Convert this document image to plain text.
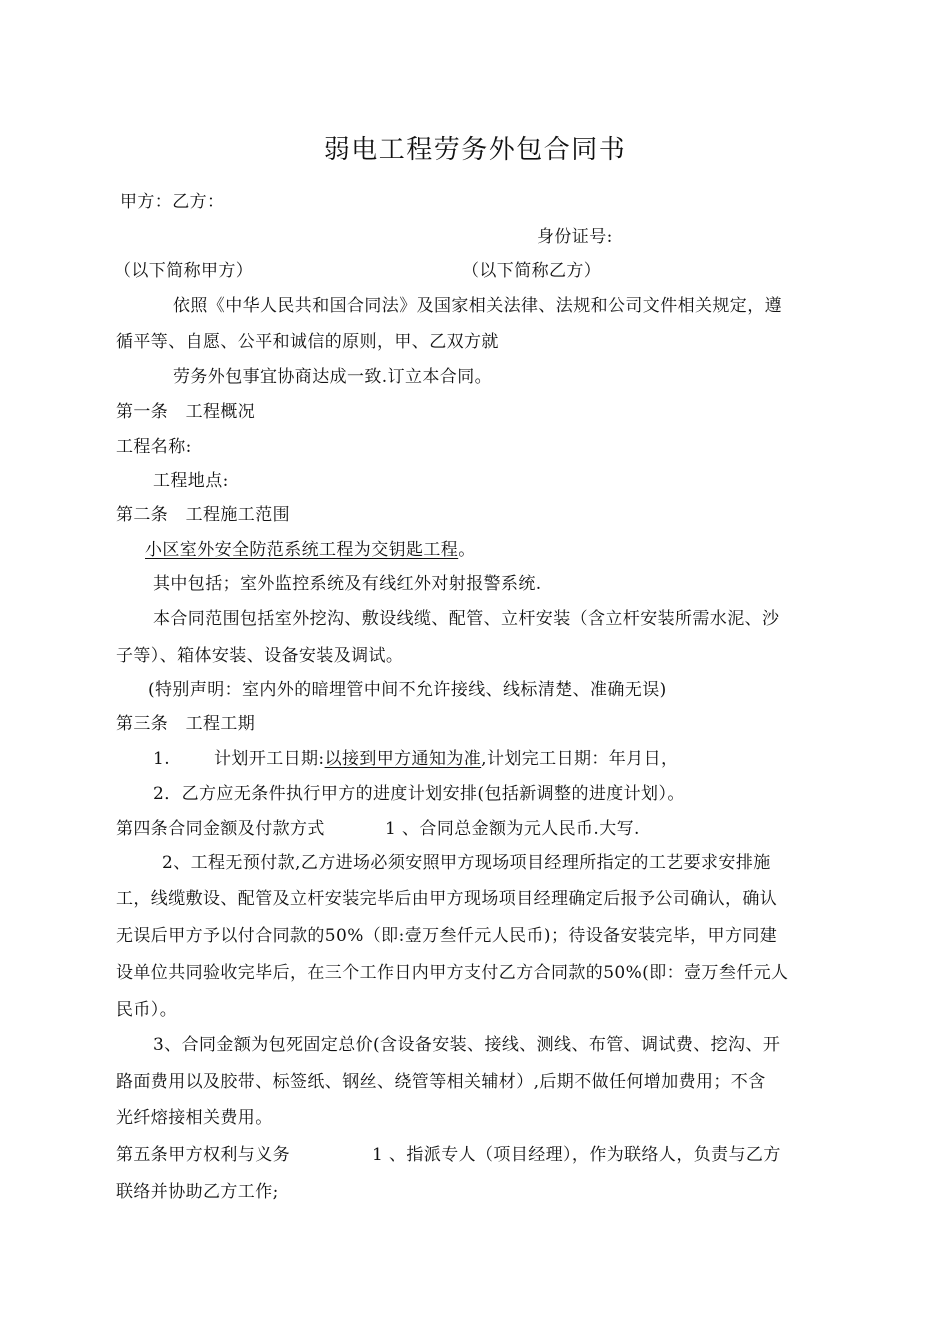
弱电工程劳务外包合同书
甲方：乙方：
身份证号:
（以下简称甲方）	（以下简称乙方）
依照《中华人民共和国合同法》及国家相关法律、法规和公司文件相关规定，遵
循平等、自愿、公平和诚信的原则，甲、乙双方就
劳务外包事宜协商达成一致.订立本合同。
第一条　工程概况
工程名称:
工程地点:
第二条　工程施工范围
小区室外安全防范系统工程为交钥匙工程。
其中包括；室外监控系统及有线红外对射报警系统.
本合同范围包括室外挖沟、敷设线缆、配管、立杆安装（含立杆安装所需水泥、沙
子等）、箱体安装、设备安装及调试。
(特别声明：室内外的暗埋管中间不允许接线、线标清楚、准确无误)
第三条　工程工期
1.	计划开工日期:以接到甲方通知为准,计划完工日期：年月日，
2．乙方应无条件执行甲方的进度计划安排(包括新调整的进度计划）。
第四条合同金额及付款方式	1 、合同总金额为元人民币.大写.
2、工程无预付款,乙方进场必须安照甲方现场项目经理所指定的工艺要求安排施
工，线缆敷设、配管及立杆安装完毕后由甲方现场项目经理确定后报予公司确认，确认
无误后甲方予以付合同款的50%（即:壹万叁仟元人民币)；待设备安装完毕，甲方同建
设单位共同验收完毕后，在三个工作日内甲方支付乙方合同款的50%(即：壹万叁仟元人
民币）。
3、合同金额为包死固定总价(含设备安装、接线、测线、布管、调试费、挖沟、开
路面费用以及胶带、标签纸、钢丝、绕管等相关辅材）,后期不做任何增加费用；不含
光纤熔接相关费用。
第五条甲方权利与义务	1 、指派专人（项目经理），作为联络人，负责与乙方
联络并协助乙方工作;
